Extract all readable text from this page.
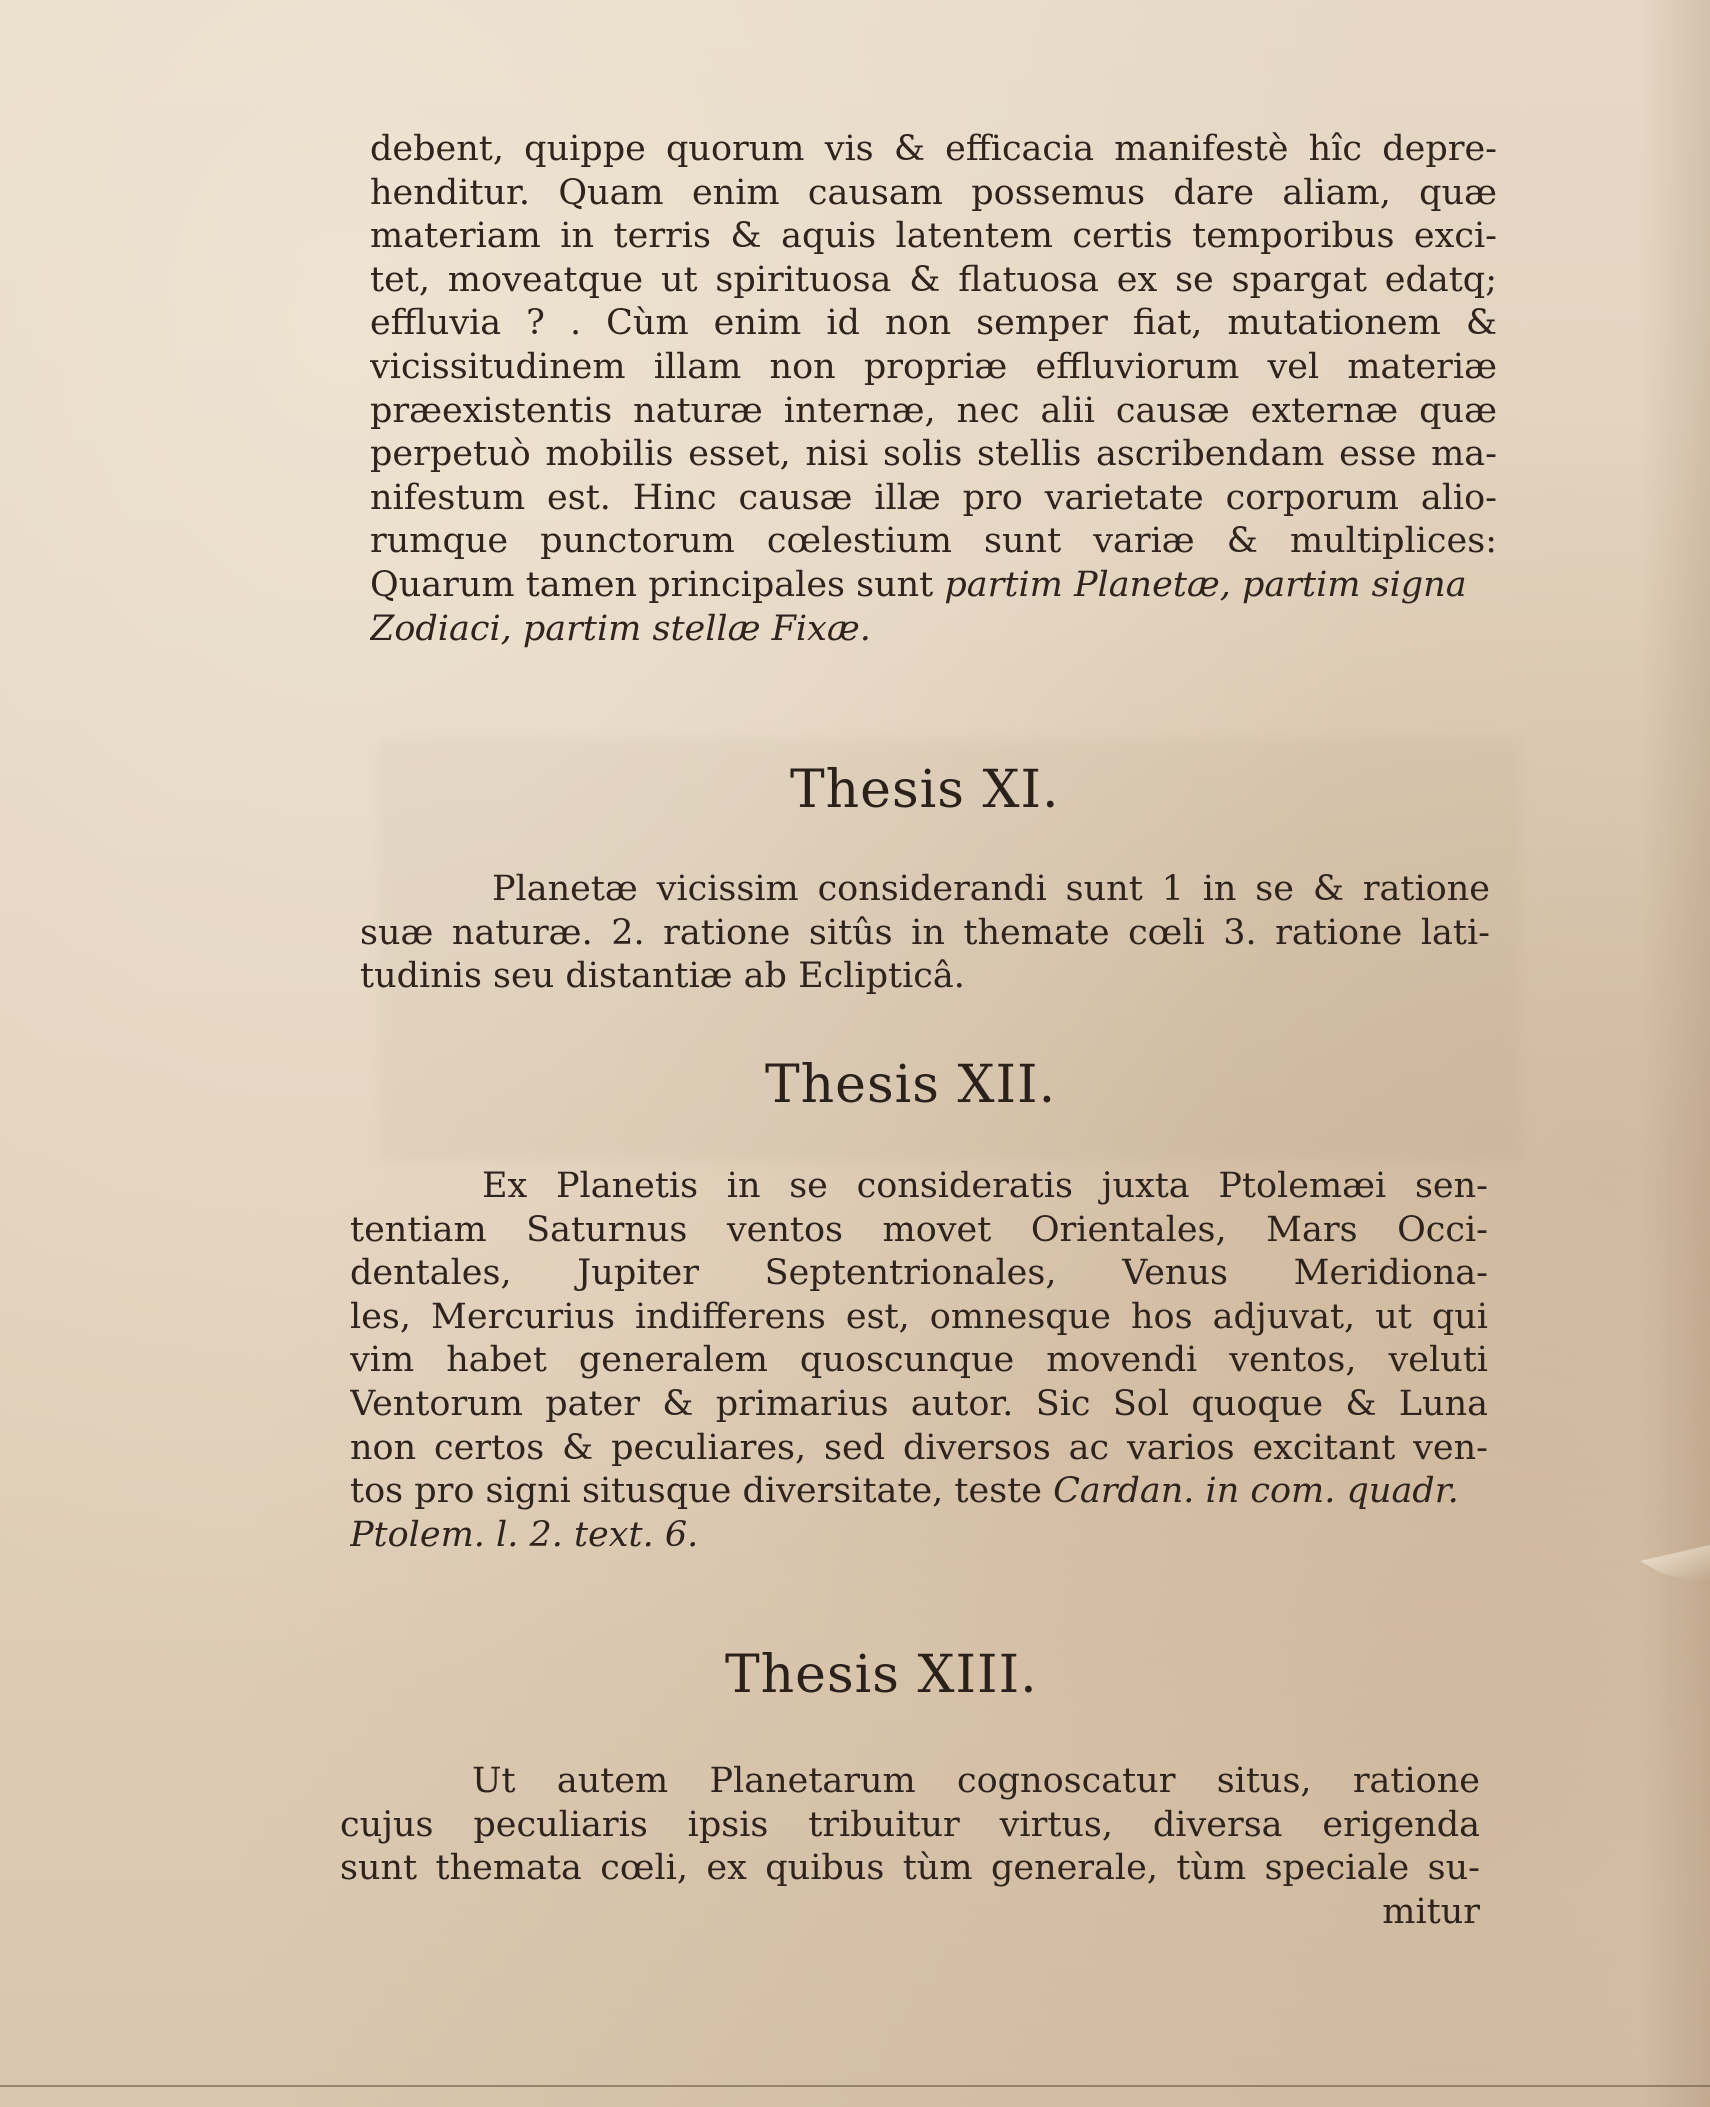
debent, quippe quorum vis & efficacia manifestè hîc depre-
henditur. Quam enim causam possemus dare aliam, quæ
materiam in terris & aquis latentem certis temporibus exci-
tet, moveatque ut spirituosa & flatuosa ex se spargat edatq;
effluvia ? . Cùm enim id non semper fiat, mutationem &
vicissitudinem illam non propriæ effluviorum vel materiæ
præexistentis naturæ internæ, nec alii causæ externæ quæ
perpetuò mobilis esset, nisi solis stellis ascribendam esse ma-
nifestum est. Hinc causæ illæ pro varietate corporum alio-
rumque punctorum cœlestium sunt variæ & multiplices:
Quarum tamen principales sunt partim Planetæ, partim signa
Zodiaci, partim stellæ Fixæ.
Thesis XI.
Planetæ vicissim considerandi sunt 1 in se & ratione
suæ naturæ. 2. ratione sitûs in themate cœli 3. ratione lati-
tudinis seu distantiæ ab Eclipticâ.
Thesis XII.
Ex Planetis in se consideratis juxta Ptolemæi sen-
tentiam Saturnus ventos movet Orientales, Mars Occi-
dentales, Jupiter Septentrionales, Venus Meridiona-
les, Mercurius indifferens est, omnesque hos adjuvat, ut qui
vim habet generalem quoscunque movendi ventos, veluti
Ventorum pater & primarius autor. Sic Sol quoque & Luna
non certos & peculiares, sed diversos ac varios excitant ven-
tos pro signi situsque diversitate, teste Cardan. in com. quadr.
Ptolem. l. 2. text. 6.
Thesis XIII.
Ut autem Planetarum cognoscatur situs, ratione
cujus peculiaris ipsis tribuitur virtus, diversa erigenda
sunt themata cœli, ex quibus tùm generale, tùm speciale su-
mitur
